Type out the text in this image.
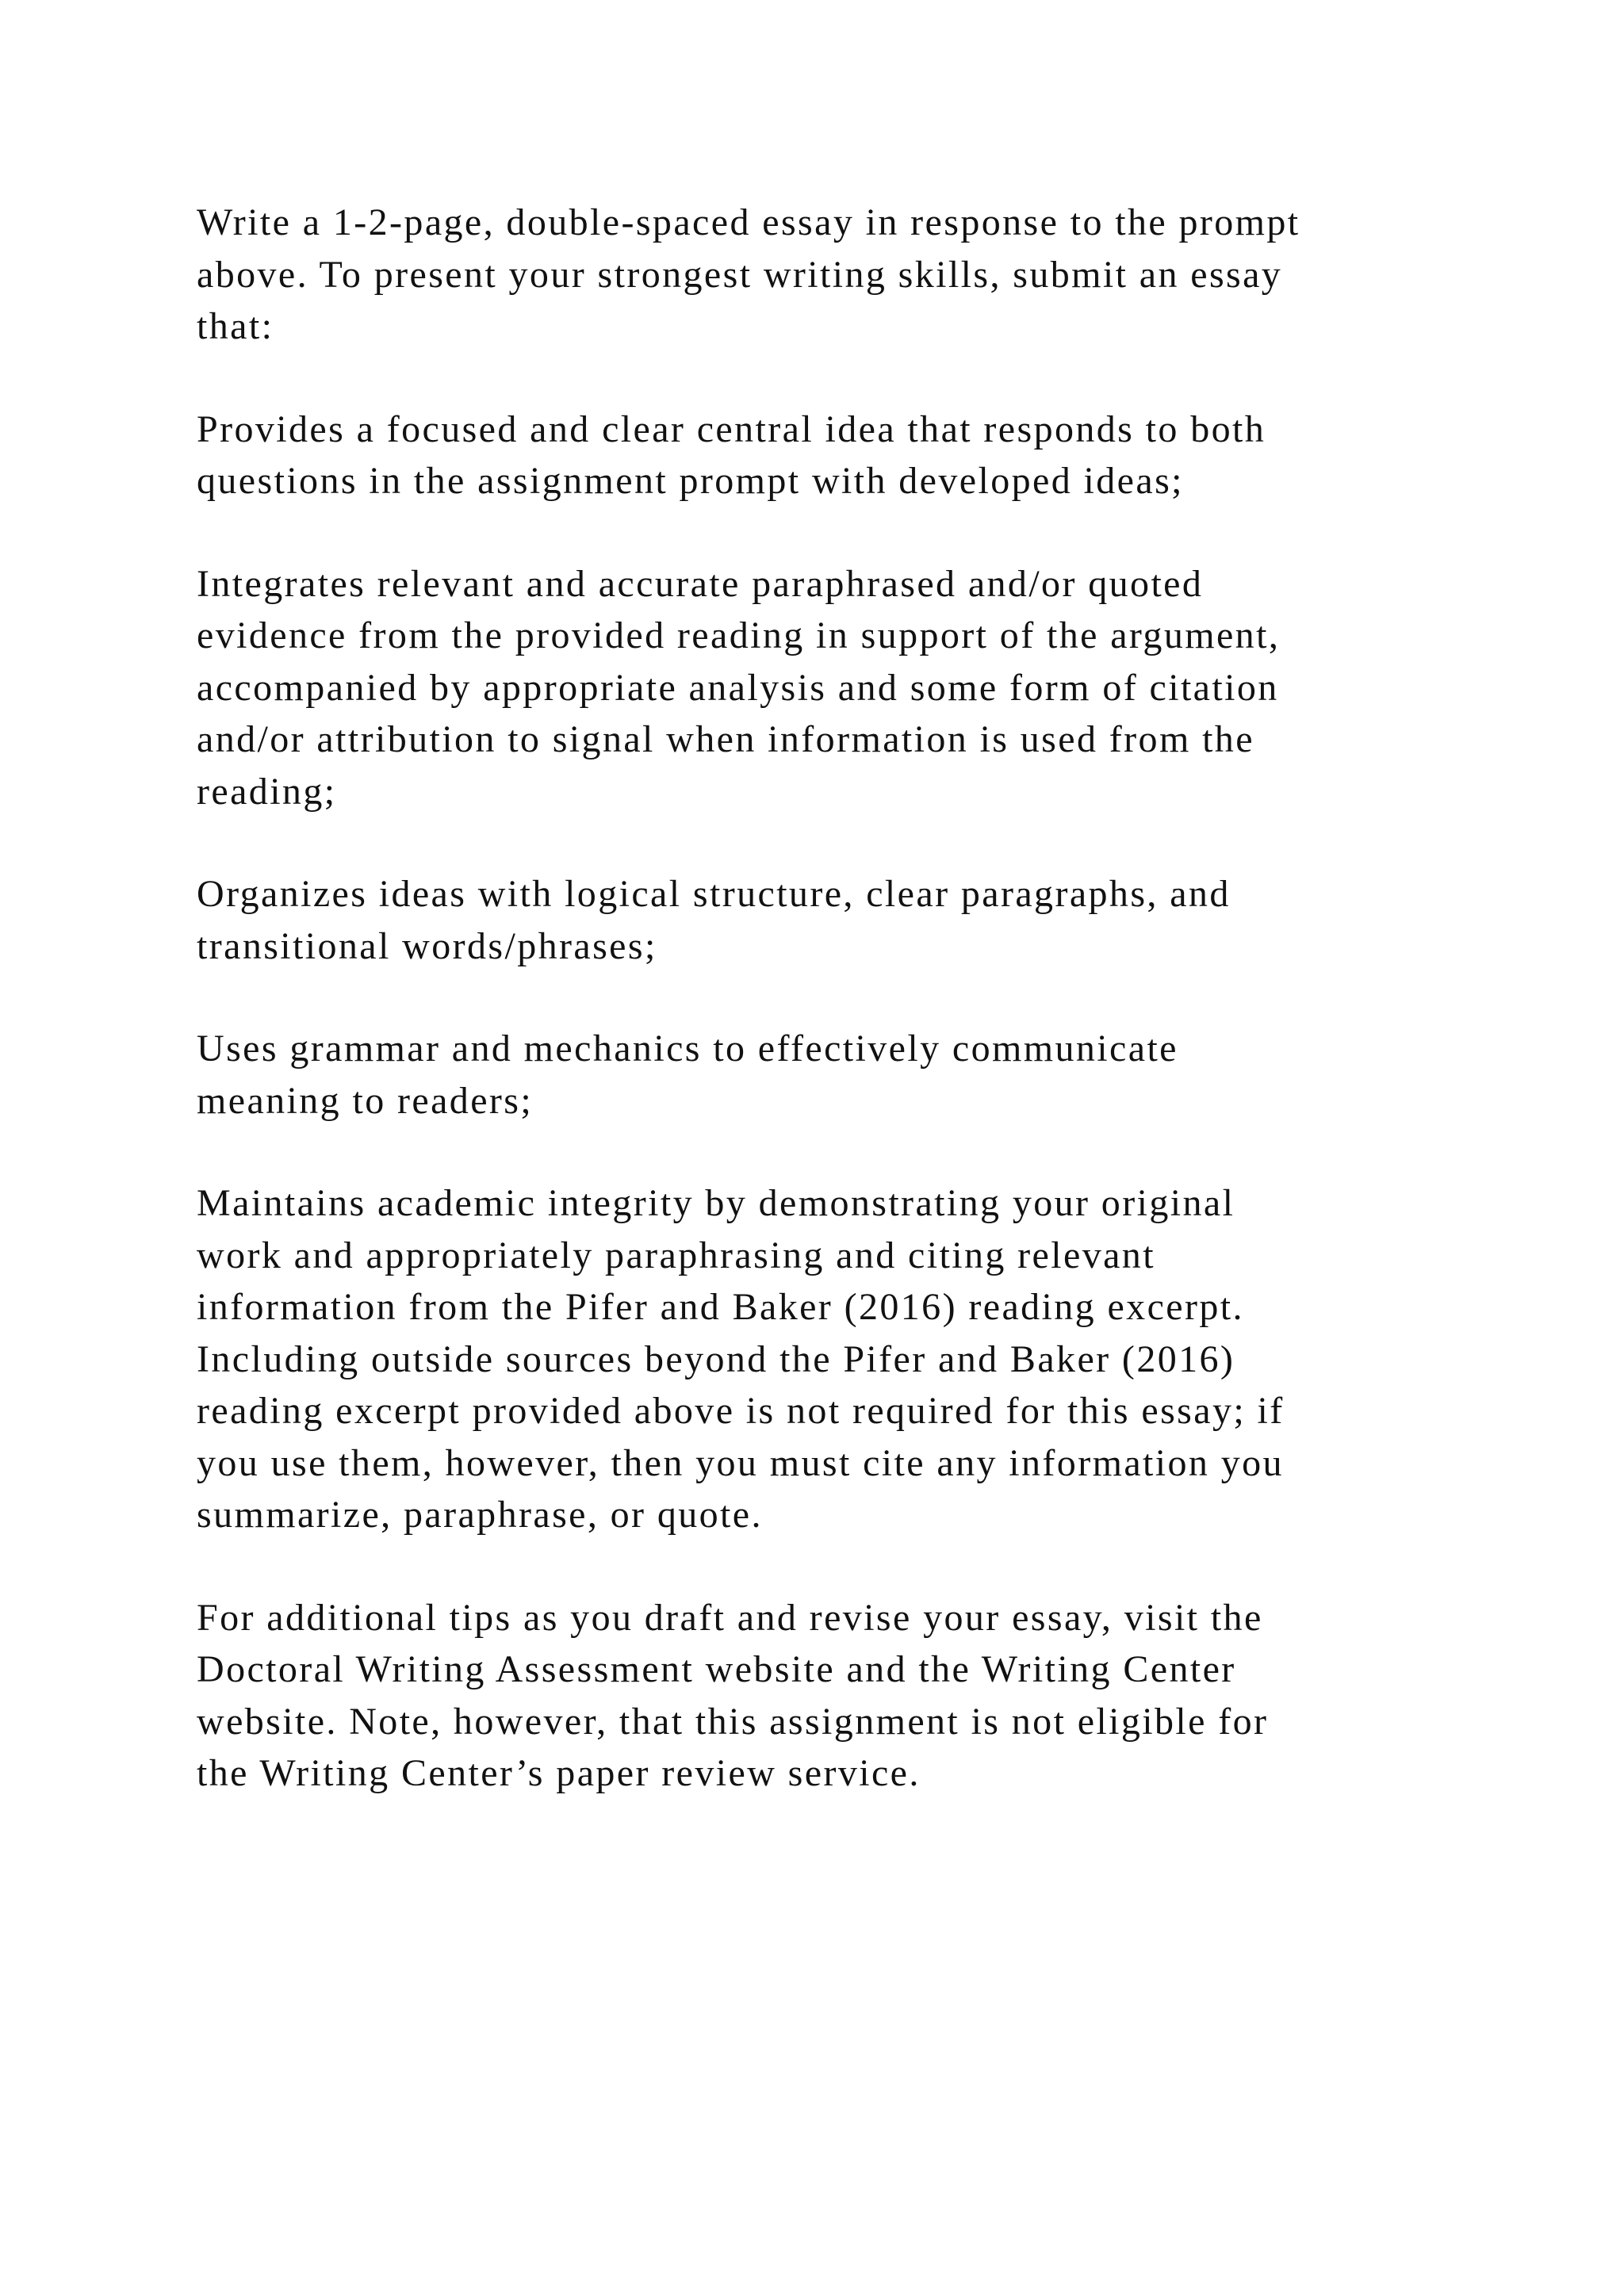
Write a 1-2-page, double-spaced essay in response to the prompt
above. To present your strongest writing skills, submit an essay
that:
Provides a focused and clear central idea that responds to both
questions in the assignment prompt with developed ideas;
Integrates relevant and accurate paraphrased and/or quoted
evidence from the provided reading in support of the argument,
accompanied by appropriate analysis and some form of citation
and/or attribution to signal when information is used from the
reading;
Organizes ideas with logical structure, clear paragraphs, and
transitional words/phrases;
Uses grammar and mechanics to effectively communicate
meaning to readers;
Maintains academic integrity by demonstrating your original
work and appropriately paraphrasing and citing relevant
information from the Pifer and Baker (2016) reading excerpt.
Including outside sources beyond the Pifer and Baker (2016)
reading excerpt provided above is not required for this essay; if
you use them, however, then you must cite any information you
summarize, paraphrase, or quote.
For additional tips as you draft and revise your essay, visit the
Doctoral Writing Assessment website and the Writing Center
website. Note, however, that this assignment is not eligible for
the Writing Center’s paper review service.
